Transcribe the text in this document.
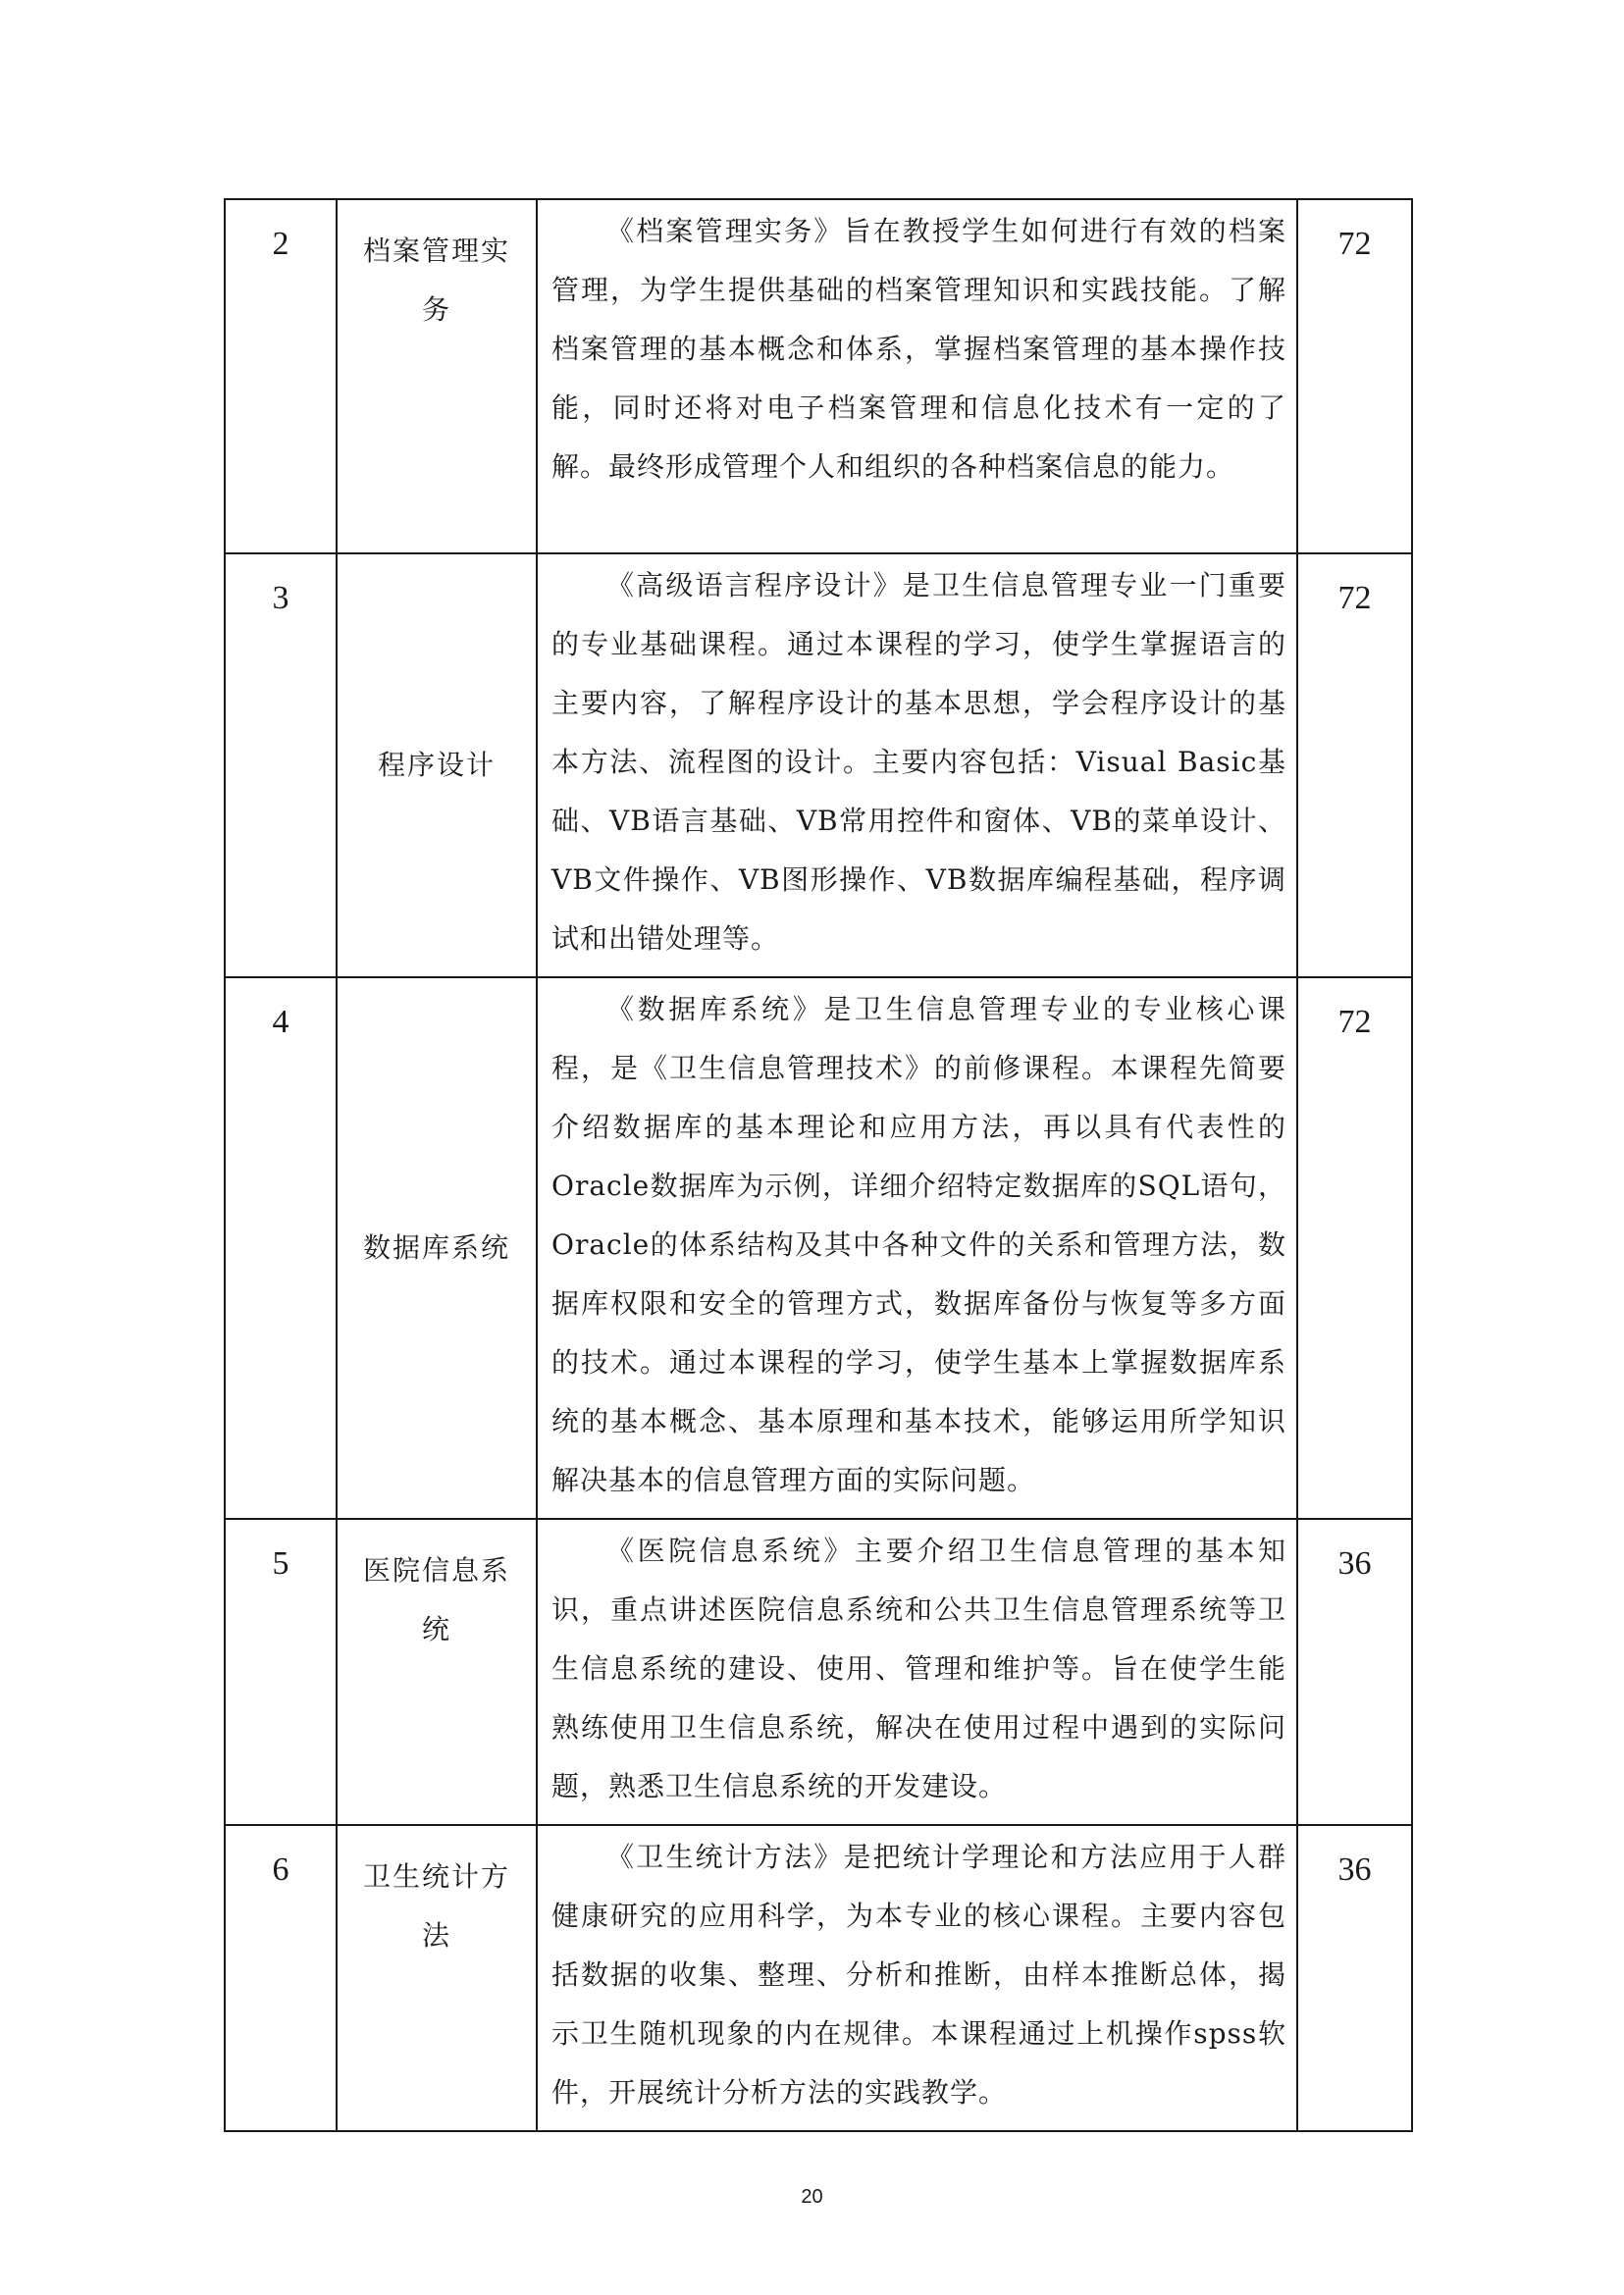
2	档案管理实务	《档案管理实务》旨在教授学生如何进行有效的档案管理，为学生提供基础的档案管理知识和实践技能。了解档案管理的基本概念和体系，掌握档案管理的基本操作技能，同时还将对电子档案管理和信息化技术有一定的了解。最终形成管理个人和组织的各种档案信息的能力。	72
3	程序设计	《高级语言程序设计》是卫生信息管理专业一门重要的专业基础课程。通过本课程的学习，使学生掌握语言的主要内容，了解程序设计的基本思想，学会程序设计的基本方法、流程图的设计。主要内容包括：Visual Basic基础、VB语言基础、VB常用控件和窗体、VB的菜单设计、VB文件操作、VB图形操作、VB数据库编程基础，程序调试和出错处理等。	72
4	数据库系统	《数据库系统》是卫生信息管理专业的专业核心课程，是《卫生信息管理技术》的前修课程。本课程先简要介绍数据库的基本理论和应用方法，再以具有代表性的Oracle数据库为示例，详细介绍特定数据库的SQL语句，Oracle的体系结构及其中各种文件的关系和管理方法，数据库权限和安全的管理方式，数据库备份与恢复等多方面的技术。通过本课程的学习，使学生基本上掌握数据库系统的基本概念、基本原理和基本技术，能够运用所学知识解决基本的信息管理方面的实际问题。	72
5	医院信息系统	《医院信息系统》主要介绍卫生信息管理的基本知识，重点讲述医院信息系统和公共卫生信息管理系统等卫生信息系统的建设、使用、管理和维护等。旨在使学生能熟练使用卫生信息系统，解决在使用过程中遇到的实际问题，熟悉卫生信息系统的开发建设。	36
6	卫生统计方法	《卫生统计方法》是把统计学理论和方法应用于人群健康研究的应用科学，为本专业的核心课程。主要内容包括数据的收集、整理、分析和推断，由样本推断总体，揭示卫生随机现象的内在规律。本课程通过上机操作spss软件，开展统计分析方法的实践教学。	36
20
